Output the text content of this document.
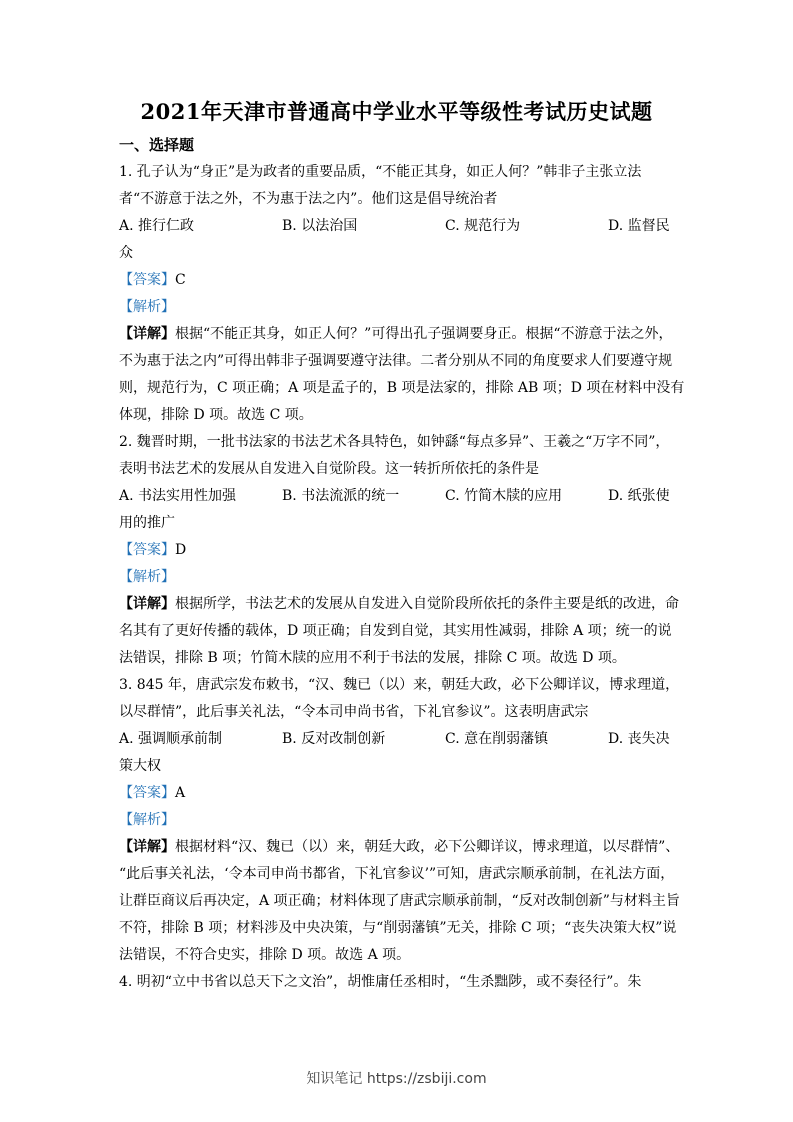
2021年天津市普通高中学业水平等级性考试历史试题
一、选择题
1. 孔子认为“身正”是为政者的重要品质，“不能正其身，如正人何？”韩非子主张立法
者“不游意于法之外，不为惠于法之内”。他们这是倡导统治者
A. 推行仁政	B. 以法治国	C. 规范行为	D. 监督民
众
【答案】C
【解析】
【详解】根据“不能正其身，如正人何？”可得出孔子强调要身正。根据“不游意于法之外，
不为惠于法之内”可得出韩非子强调要遵守法律。二者分别从不同的角度要求人们要遵守规
则，规范行为，C 项正确；A 项是孟子的，B 项是法家的，排除 AB 项；D 项在材料中没有
体现，排除 D 项。故选 C 项。
2. 魏晋时期，一批书法家的书法艺术各具特色，如钟繇“每点多异”、王羲之“万字不同”，
表明书法艺术的发展从自发进入自觉阶段。这一转折所依托的条件是
A. 书法实用性加强	B. 书法流派的统一	C. 竹简木牍的应用	D. 纸张使
用的推广
【答案】D
【解析】
【详解】根据所学，书法艺术的发展从自发进入自觉阶段所依托的条件主要是纸的改进，命
名其有了更好传播的载体，D 项正确；自发到自觉，其实用性减弱，排除 A 项；统一的说
法错误，排除 B 项；竹简木牍的应用不利于书法的发展，排除 C 项。故选 D 项。
3. 845 年，唐武宗发布敕书，“汉、魏已（以）来，朝廷大政，必下公卿详议，博求理道，
以尽群情”，此后事关礼法，“令本司申尚书省，下礼官参议”。这表明唐武宗
A. 强调顺承前制	B. 反对改制创新	C. 意在削弱藩镇	D. 丧失决
策大权
【答案】A
【解析】
【详解】根据材料“汉、魏已（以）来，朝廷大政，必下公卿详议，博求理道，以尽群情”、
“此后事关礼法，‘令本司申尚书都省，下礼官参议’”可知，唐武宗顺承前制，在礼法方面，
让群臣商议后再决定，A 项正确；材料体现了唐武宗顺承前制，“反对改制创新”与材料主旨
不符，排除 B 项；材料涉及中央决策，与“削弱藩镇”无关，排除 C 项；“丧失决策大权”说
法错误，不符合史实，排除 D 项。故选 A 项。
4. 明初“立中书省以总天下之文治”，胡惟庸任丞相时，“生杀黜陟，或不奏径行”。朱
知识笔记 https://zsbiji.com
